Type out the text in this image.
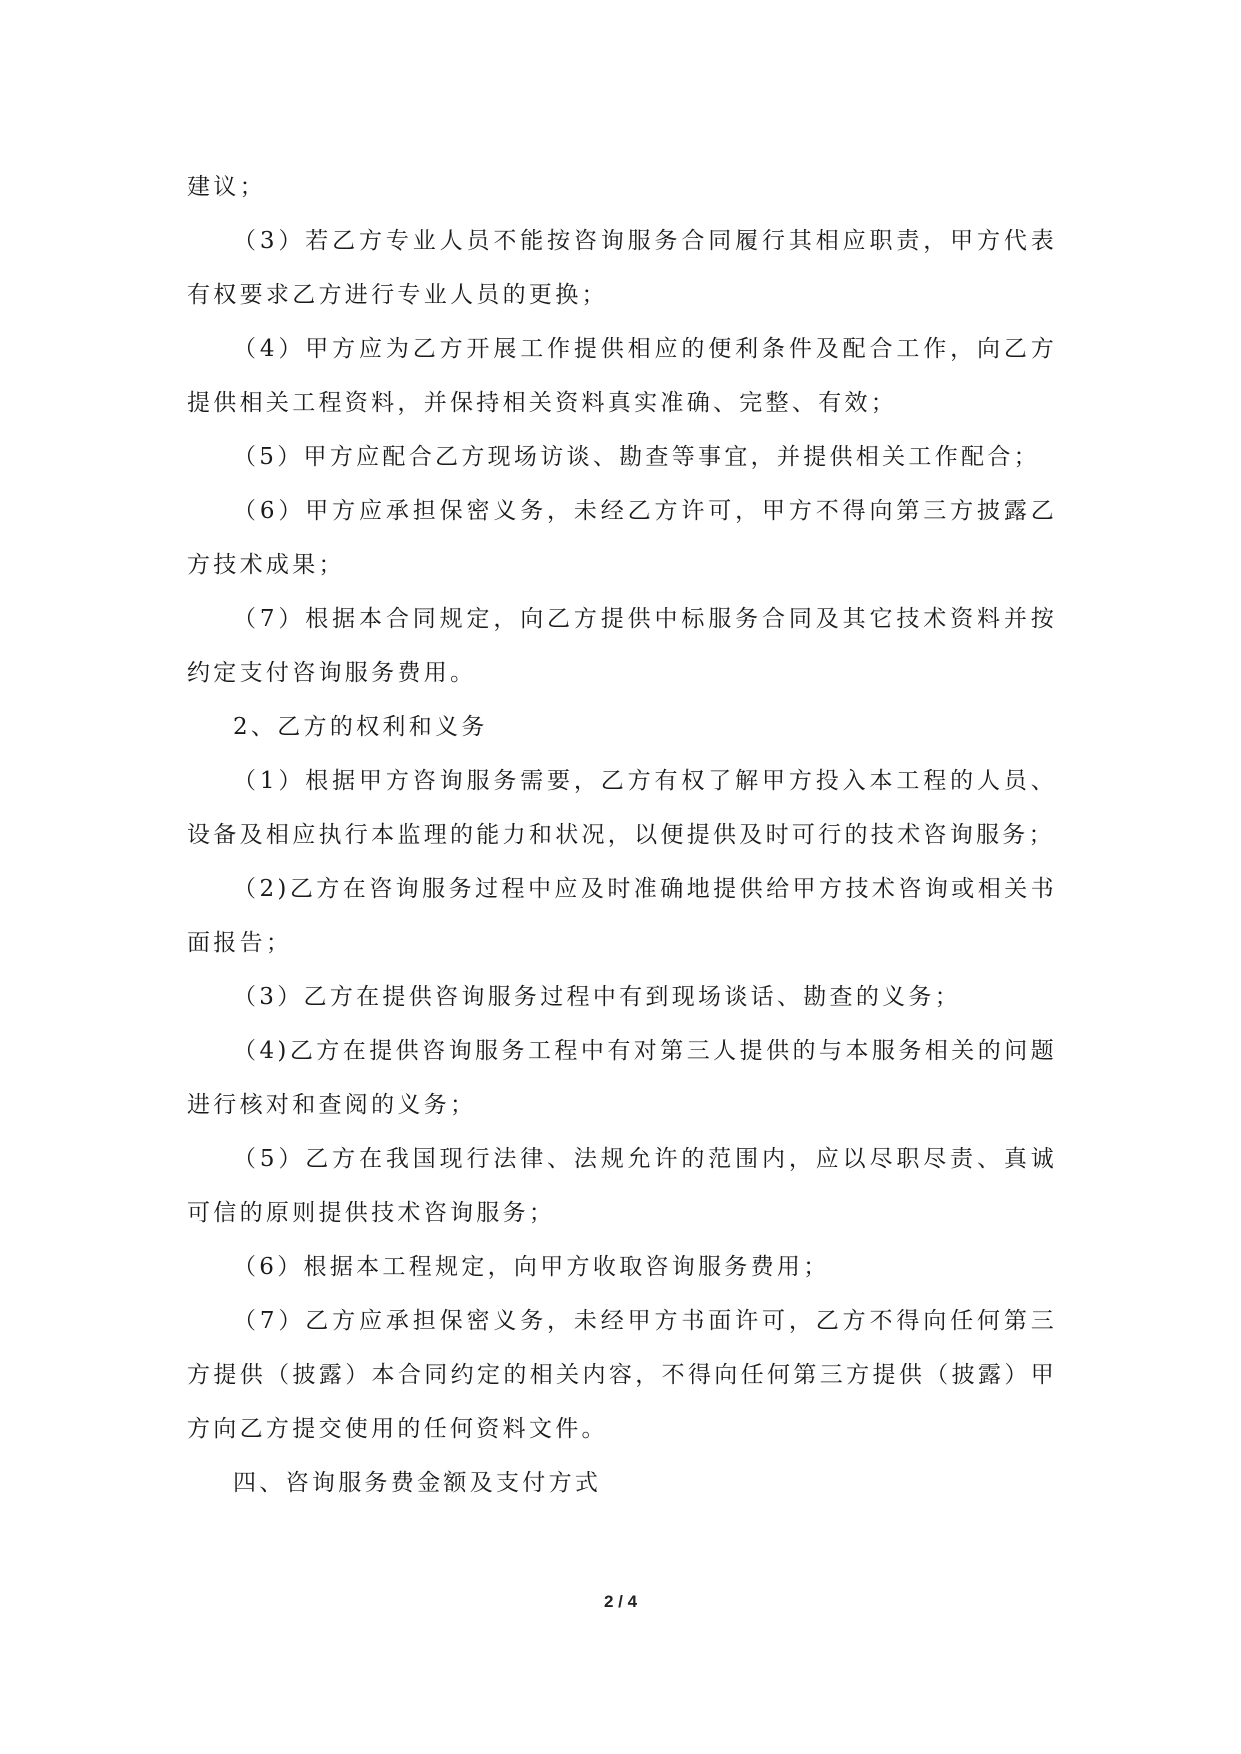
建议；

（3）若乙方专业人员不能按咨询服务合同履行其相应职责，甲方代表有权要求乙方进行专业人员的更换；

（4）甲方应为乙方开展工作提供相应的便利条件及配合工作，向乙方提供相关工程资料，并保持相关资料真实准确、完整、有效；

（5）甲方应配合乙方现场访谈、勘查等事宜，并提供相关工作配合；

（6）甲方应承担保密义务，未经乙方许可，甲方不得向第三方披露乙方技术成果；

（7）根据本合同规定，向乙方提供中标服务合同及其它技术资料并按约定支付咨询服务费用。

2、乙方的权利和义务

（1）根据甲方咨询服务需要，乙方有权了解甲方投入本工程的人员、设备及相应执行本监理的能力和状况，以便提供及时可行的技术咨询服务；

（2)乙方在咨询服务过程中应及时准确地提供给甲方技术咨询或相关书面报告；

（3）乙方在提供咨询服务过程中有到现场谈话、勘查的义务；

（4)乙方在提供咨询服务工程中有对第三人提供的与本服务相关的问题进行核对和查阅的义务；

（5）乙方在我国现行法律、法规允许的范围内，应以尽职尽责、真诚可信的原则提供技术咨询服务；

（6）根据本工程规定，向甲方收取咨询服务费用；

（7）乙方应承担保密义务，未经甲方书面许可，乙方不得向任何第三方提供（披露）本合同约定的相关内容，不得向任何第三方提供（披露）甲方向乙方提交使用的任何资料文件。

四、咨询服务费金额及支付方式

2 / 4
